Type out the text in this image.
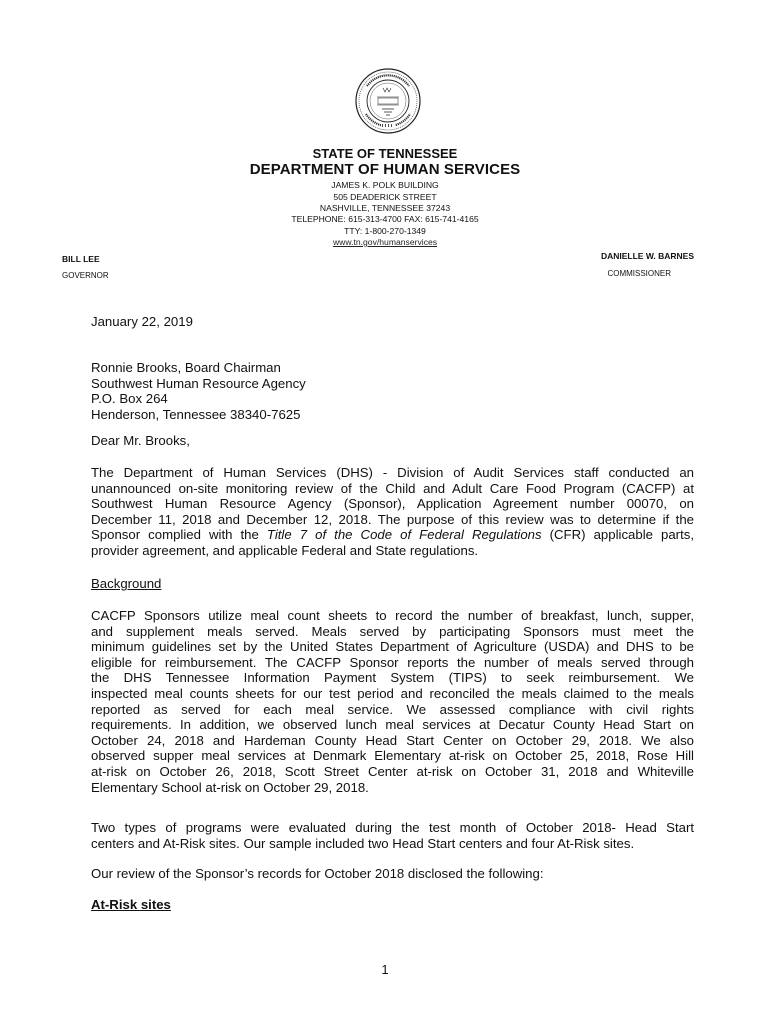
STATE OF TENNESSEE
DEPARTMENT OF HUMAN SERVICES
JAMES K. POLK BUILDING
505 DEADERICK STREET
NASHVILLE, TENNESSEE 37243
TELEPHONE: 615-313-4700 FAX: 615-741-4165
TTY: 1-800-270-1349
www.tn.gov/humanservices
BILL LEE
GOVERNOR
DANIELLE W. BARNES
COMMISSIONER
January 22, 2019
Ronnie Brooks, Board Chairman
Southwest Human Resource Agency
P.O. Box 264
Henderson, Tennessee 38340-7625
Dear Mr. Brooks,
The Department of Human Services (DHS) - Division of Audit Services staff conducted an
unannounced on-site monitoring review of the Child and Adult Care Food Program (CACFP) at
Southwest Human Resource Agency (Sponsor), Application Agreement number 00070, on
December 11, 2018 and December 12, 2018. The purpose of this review was to determine if the
Sponsor complied with the Title 7 of the Code of Federal Regulations (CFR) applicable parts,
provider agreement, and applicable Federal and State regulations.
Background
CACFP Sponsors utilize meal count sheets to record the number of breakfast, lunch, supper,
and supplement meals served. Meals served by participating Sponsors must meet the
minimum guidelines set by the United States Department of Agriculture (USDA) and DHS to be
eligible for reimbursement. The CACFP Sponsor reports the number of meals served through
the DHS Tennessee Information Payment System (TIPS) to seek reimbursement. We
inspected meal counts sheets for our test period and reconciled the meals claimed to the meals
reported as served for each meal service. We assessed compliance with civil rights
requirements. In addition, we observed lunch meal services at Decatur County Head Start on
October 24, 2018 and Hardeman County Head Start Center on October 29, 2018. We also
observed supper meal services at Denmark Elementary at-risk on October 25, 2018, Rose Hill
at-risk on October 26, 2018, Scott Street Center at-risk on October 31, 2018 and Whiteville
Elementary School at-risk on October 29, 2018.
Two types of programs were evaluated during the test month of October 2018- Head Start
centers and At-Risk sites. Our sample included two Head Start centers and four At-Risk sites.
Our review of the Sponsor’s records for October 2018 disclosed the following:
At-Risk sites
1
